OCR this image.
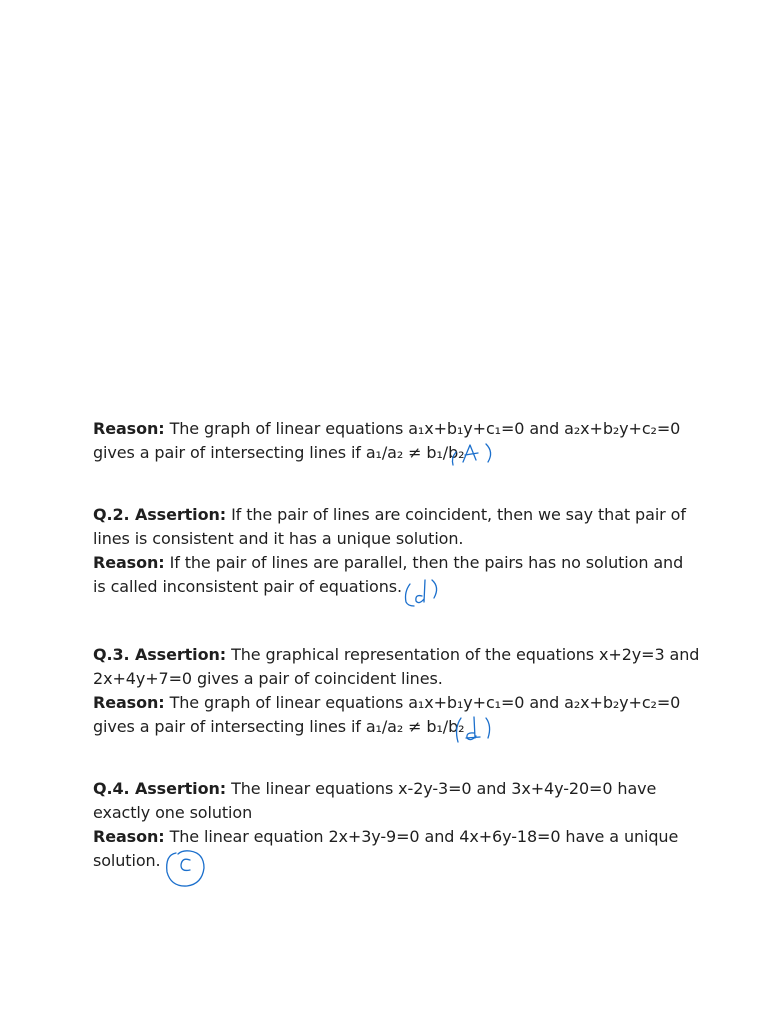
Reason: The graph of linear equations a₁x+b₁y+c₁=0 and a₂x+b₂y+c₂=0
gives a pair of intersecting lines if a₁/a₂ ≠ b₁/b₂
Q.2. Assertion: If the pair of lines are coincident, then we say that pair of
lines is consistent and it has a unique solution.
Reason: If the pair of lines are parallel, then the pairs has no solution and
is called inconsistent pair of equations.
Q.3. Assertion: The graphical representation of the equations x+2y=3 and
2x+4y+7=0 gives a pair of coincident lines.
Reason: The graph of linear equations a₁x+b₁y+c₁=0 and a₂x+b₂y+c₂=0
gives a pair of intersecting lines if a₁/a₂ ≠ b₁/b₂
Q.4. Assertion: The linear equations x-2y-3=0 and 3x+4y-20=0 have
exactly one solution
Reason: The linear equation 2x+3y-9=0 and 4x+6y-18=0 have a unique
solution.
